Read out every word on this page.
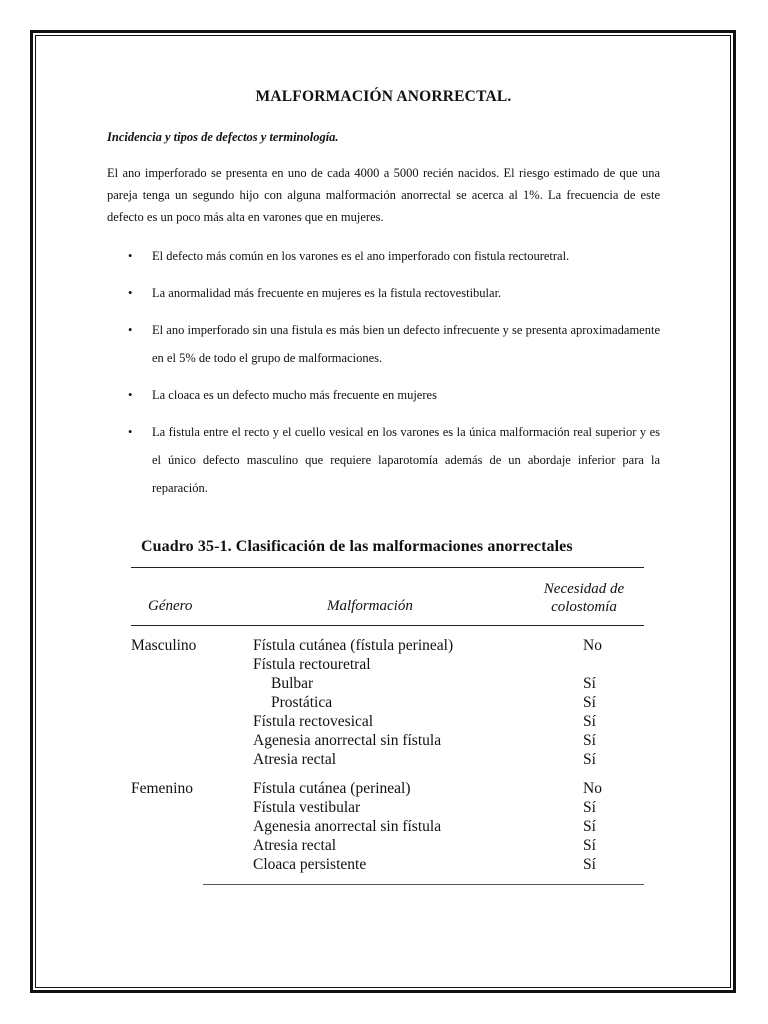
MALFORMACIÓN ANORRECTAL.

Incidencia y tipos de defectos y terminología.

El ano imperforado se presenta en uno de cada 4000 a 5000 recién nacidos. El riesgo estimado de que una pareja tenga un segundo hijo con alguna malformación anorrectal se acerca al 1%. La frecuencia de este defecto es un poco más alta en varones que en mujeres.

• El defecto más común en los varones es el ano imperforado con fistula rectouretral.
• La anormalidad más frecuente en mujeres es la fistula rectovestibular.
• El ano imperforado sin una fistula es más bien un defecto infrecuente y se presenta aproximadamente en el 5% de todo el grupo de malformaciones.
• La cloaca es un defecto mucho más frecuente en mujeres
• La fistula entre el recto y el cuello vesical en los varones es la única malformación real superior y es el único defecto masculino que requiere laparotomía además de un abordaje inferior para la reparación.
Cuadro 35-1. Clasificación de las malformaciones anorrectales
Género	Malformación
Necesidad de
colostomía
Masculino	Fístula cutánea (fístula perineal)	No
Fístula rectouretral
Bulbar	Sí
Prostática	Sí
Fístula rectovesical	Sí
Agenesia anorrectal sin fístula	Sí
Atresia rectal	Sí
Femenino	Fístula cutánea (perineal)	No
Fístula vestibular	Sí
Agenesia anorrectal sin fístula	Sí
Atresia rectal	Sí
Cloaca persistente	Sí
